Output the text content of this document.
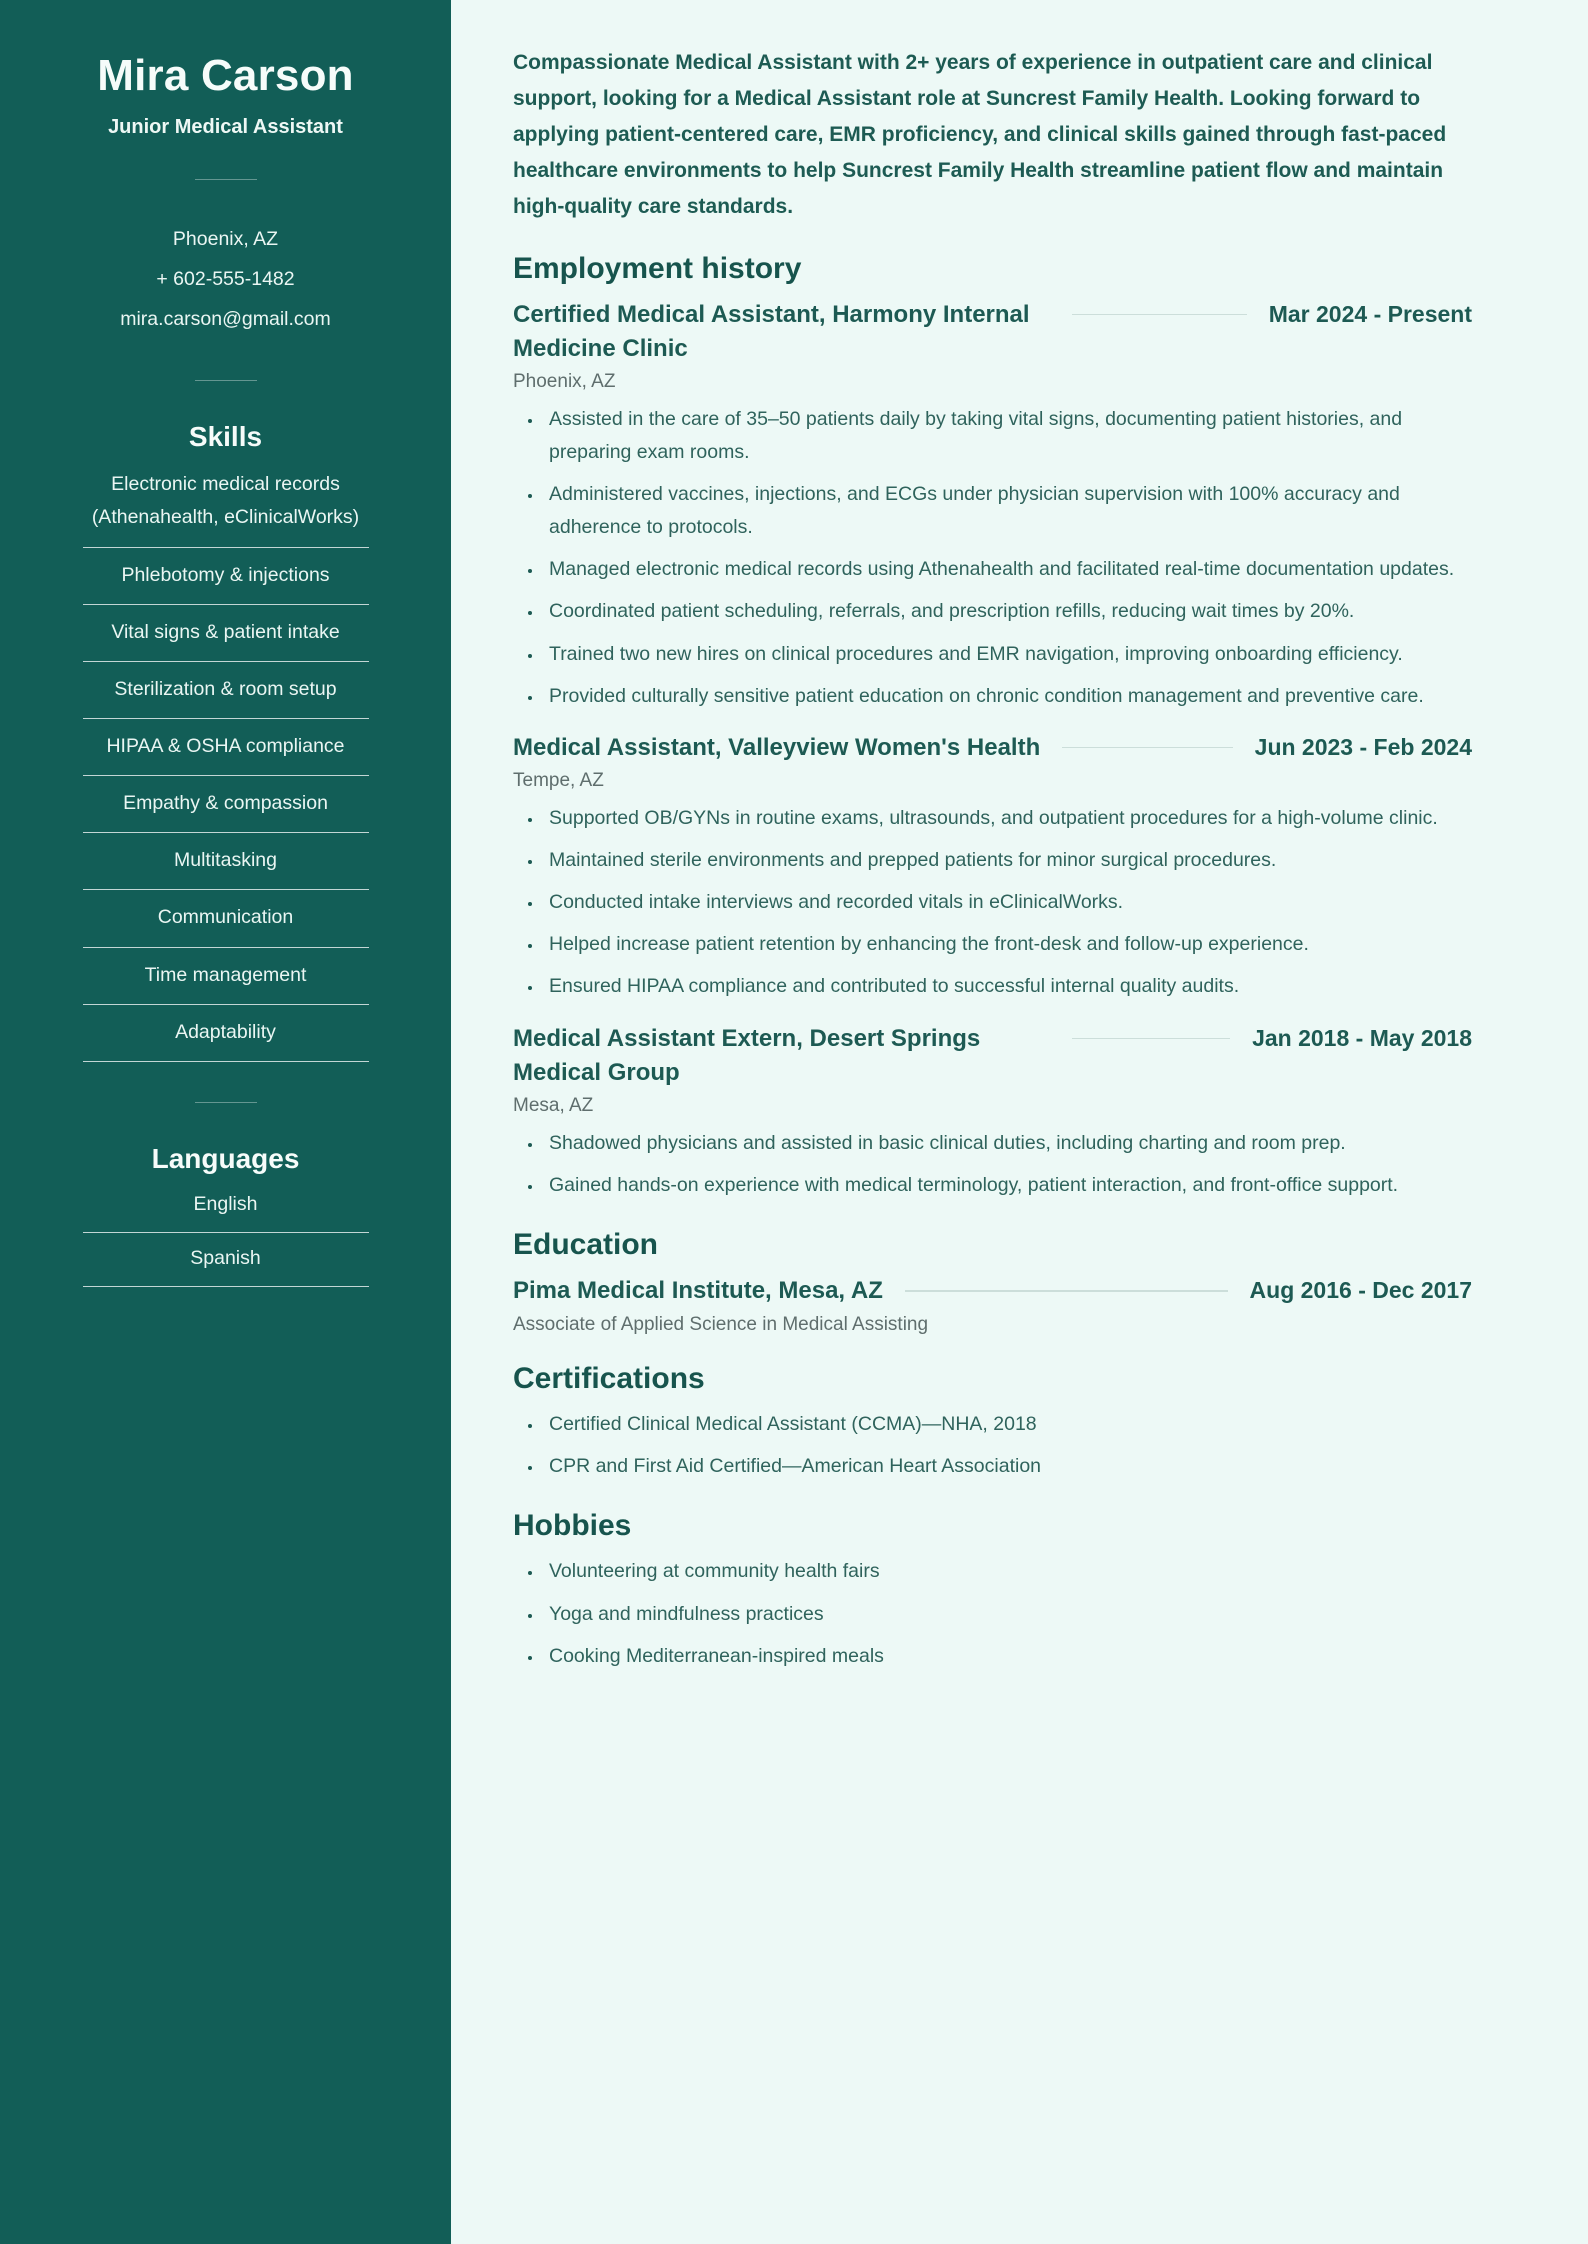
Mira Carson
Junior Medical Assistant
Phoenix, AZ
+ 602-555-1482
mira.carson@gmail.com
Skills
Electronic medical records (Athenahealth, eClinicalWorks)
Phlebotomy & injections
Vital signs & patient intake
Sterilization & room setup
HIPAA & OSHA compliance
Empathy & compassion
Multitasking
Communication
Time management
Adaptability
Languages
English
Spanish

Compassionate Medical Assistant with 2+ years of experience in outpatient care and clinical support, looking for a Medical Assistant role at Suncrest Family Health. Looking forward to applying patient-centered care, EMR proficiency, and clinical skills gained through fast-paced healthcare environments to help Suncrest Family Health streamline patient flow and maintain high-quality care standards.

Employment history
Certified Medical Assistant, Harmony Internal Medicine Clinic
Mar 2024 - Present
Phoenix, AZ
• Assisted in the care of 35–50 patients daily by taking vital signs, documenting patient histories, and preparing exam rooms.
• Administered vaccines, injections, and ECGs under physician supervision with 100% accuracy and adherence to protocols.
• Managed electronic medical records using Athenahealth and facilitated real-time documentation updates.
• Coordinated patient scheduling, referrals, and prescription refills, reducing wait times by 20%.
• Trained two new hires on clinical procedures and EMR navigation, improving onboarding efficiency.
• Provided culturally sensitive patient education on chronic condition management and preventive care.
Medical Assistant, Valleyview Women's Health	Jun 2023 - Feb 2024
Tempe, AZ
• Supported OB/GYNs in routine exams, ultrasounds, and outpatient procedures for a high-volume clinic.
• Maintained sterile environments and prepped patients for minor surgical procedures.
• Conducted intake interviews and recorded vitals in eClinicalWorks.
• Helped increase patient retention by enhancing the front-desk and follow-up experience.
• Ensured HIPAA compliance and contributed to successful internal quality audits.
Medical Assistant Extern, Desert Springs Medical Group
Jan 2018 - May 2018
Mesa, AZ
• Shadowed physicians and assisted in basic clinical duties, including charting and room prep.
• Gained hands-on experience with medical terminology, patient interaction, and front-office support.
Education
Pima Medical Institute, Mesa, AZ	Aug 2016 - Dec 2017
Associate of Applied Science in Medical Assisting
Certifications
• Certified Clinical Medical Assistant (CCMA)—NHA, 2018
• CPR and First Aid Certified—American Heart Association
Hobbies
• Volunteering at community health fairs
• Yoga and mindfulness practices
• Cooking Mediterranean-inspired meals
